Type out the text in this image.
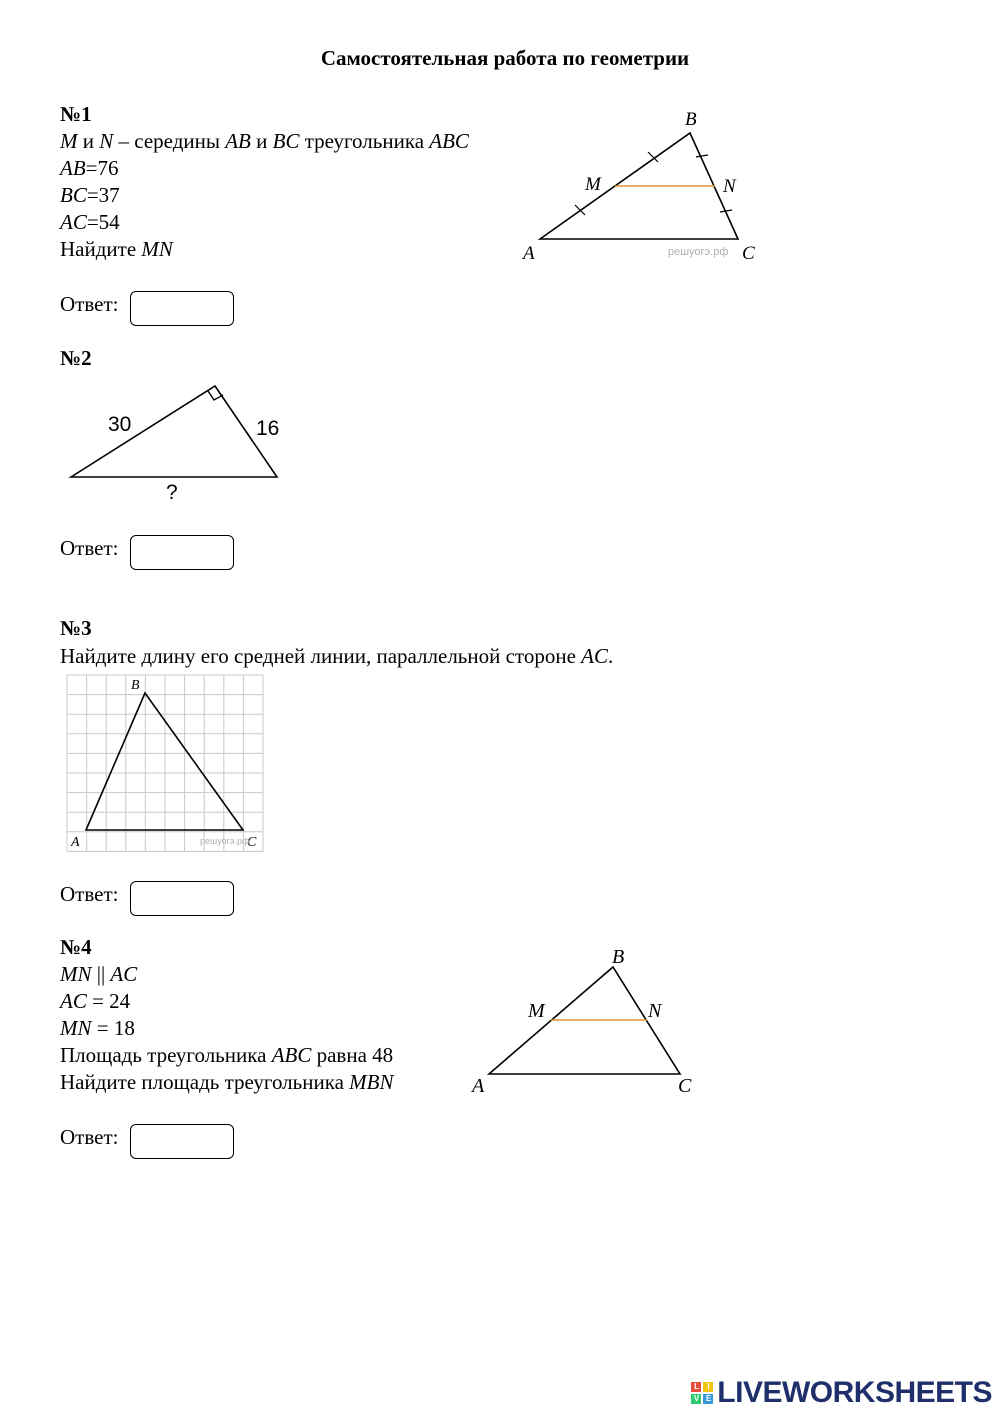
Самостоятельная работа по геометрии
№1
M и N – середины AB и BC треугольника ABC
AB=76
BC=37
AC=54
Найдите MN
B
M	N
A	C
решуогэ.рф
Ответ:
№2
30	16
?
Ответ:
№3
Найдите длину его средней линии, параллельной стороне AC.
B
A	C
решуогэ.рф
Ответ:
№4
MN || AC
AC = 24
MN = 18
Площадь треугольника ABC равна 48
Найдите площадь треугольника MBN
B
M	N
A	C
Ответ:
L	I
V E LIVEWORKSHEETS
